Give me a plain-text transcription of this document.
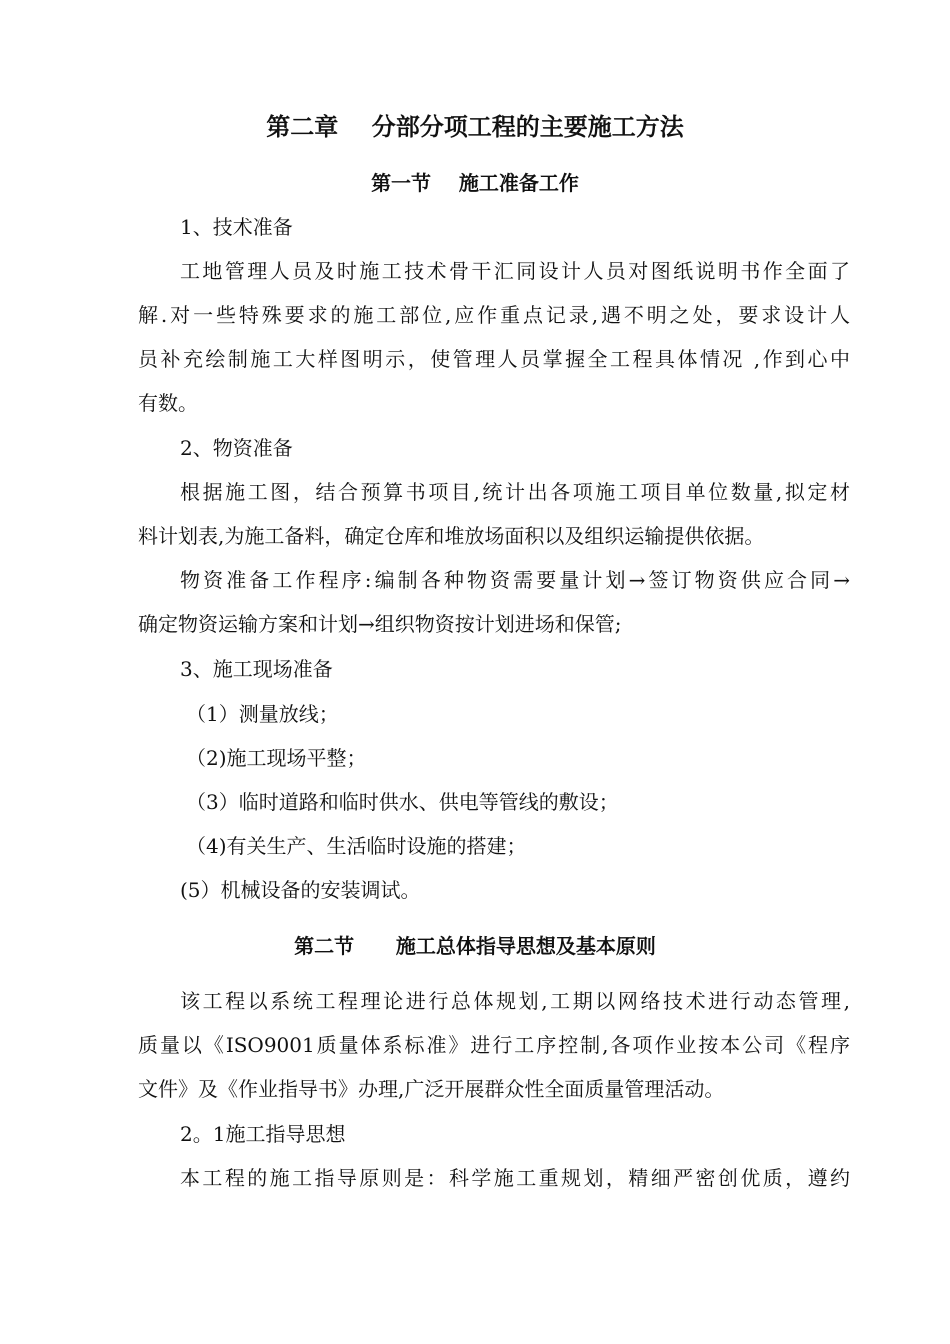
第二章    分部分项工程的主要施工方法
第一节    施工准备工作

1、技术准备

工地管理人员及时施工技术骨干汇同设计人员对图纸说明书作全面了

解.对一些特殊要求的施工部位,应作重点记录,遇不明之处，要求设计人

员补充绘制施工大样图明示，使管理人员掌握全工程具体情况 ,作到心中

有数。

2、物资准备

根据施工图，结合预算书项目,统计出各项施工项目单位数量,拟定材

料计划表,为施工备料，确定仓库和堆放场面积以及组织运输提供依据。

物资准备工作程序:编制各种物资需要量计划→签订物资供应合同→

确定物资运输方案和计划→组织物资按计划进场和保管;

3、施工现场准备

（1）测量放线；

（2)施工现场平整；

（3）临时道路和临时供水、供电等管线的敷设；

（4)有关生产、生活临时设施的搭建；

(5）机械设备的安装调试。

第二节      施工总体指导思想及基本原则

该工程以系统工程理论进行总体规划,工期以网络技术进行动态管理,

质量以《ISO9001质量体系标准》进行工序控制,各项作业按本公司《程序

文件》及《作业指导书》办理,广泛开展群众性全面质量管理活动。

2。1施工指导思想

本工程的施工指导原则是：科学施工重规划，精细严密创优质，遵约
